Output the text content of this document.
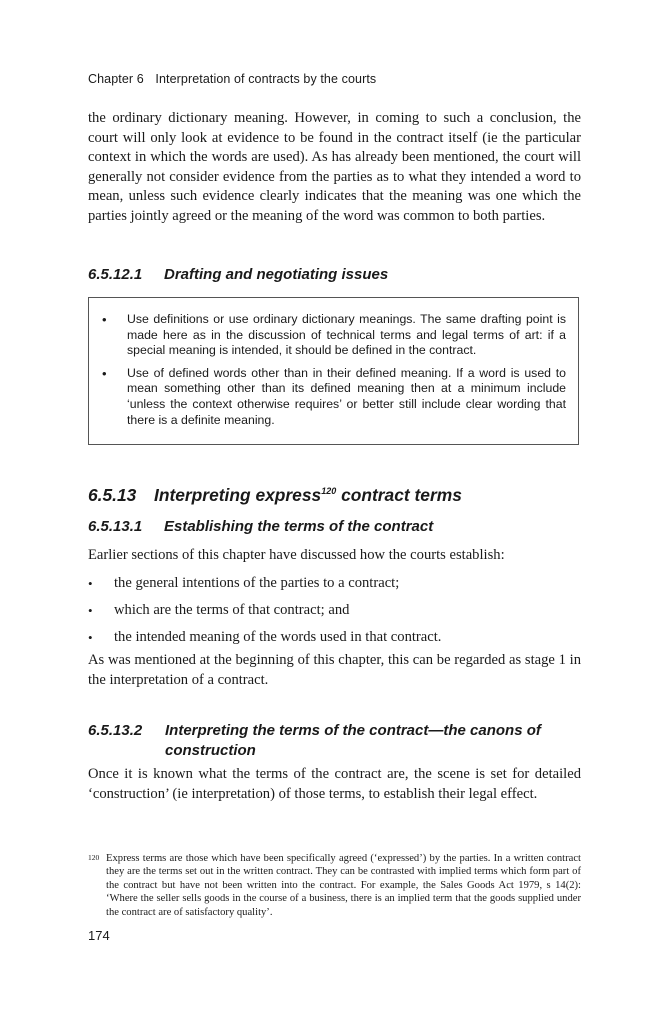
Chapter 6 Interpretation of contracts by the courts

the ordinary dictionary meaning. However, in coming to such a conclusion, the court will only look at evidence to be found in the contract itself (ie the particular context in which the words are used). As has already been mentioned, the court will generally not consider evidence from the parties as to what they intended a word to mean, unless such evidence clearly indicates that the meaning was one which the parties jointly agreed or the meaning of the word was common to both parties.

6.5.12.1 Drafting and negotiating issues
• Use definitions or use ordinary dictionary meanings. The same drafting point is made here as in the discussion of technical terms and legal terms of art: if a special meaning is intended, it should be defined in the contract.
• Use of defined words other than in their defined meaning. If a word is used to mean something other than its defined meaning then at a minimum include ‘unless the context otherwise requires’ or better still include clear wording that there is a definite meaning.
6.5.13 Interpreting express$^{120}$ contract terms
6.5.13.1 Establishing the terms of the contract

Earlier sections of this chapter have discussed how the courts establish:

• the general intentions of the parties to a contract;
• which are the terms of that contract; and
• the intended meaning of the words used in that contract.

As was mentioned at the beginning of this chapter, this can be regarded as stage 1 in the interpretation of a contract.

6.5.13.2	Interpreting the terms of the contract—the canons of construction

Once it is known what the terms of the contract are, the scene is set for detailed ‘construction’ (ie interpretation) of those terms, to establish their legal effect.

120 Express terms are those which have been specifically agreed (‘expressed’) by the parties. In a written contract they are the terms set out in the written contract. They can be contrasted with implied terms which form part of the contract but have not been written into the contract. For example, the Sales Goods Act 1979, s 14(2): ‘Where the seller sells goods in the course of a business, there is an implied term that the goods supplied under the contract are of satisfactory quality’.

174
